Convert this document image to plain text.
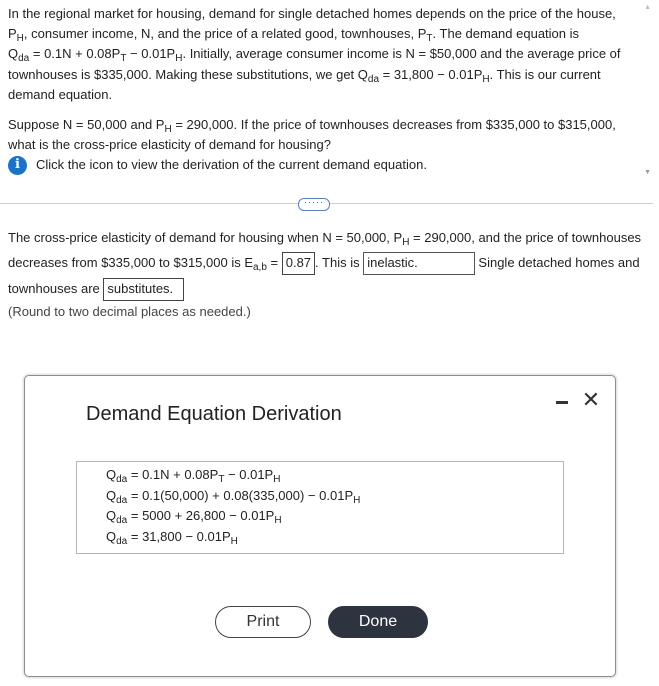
In the regional market for housing, demand for single detached homes depends on the price of the house,
$P_H$, consumer income, N, and the price of a related good, townhouses, $P_T$. The demand equation is
$Q_{da} = 0.1N + 0.08P_T - 0.01P_H$. Initially, average consumer income is N = $50,000 and the average price of
townhouses is $335,000. Making these substitutions, we get $Q_{da} = 31,800 - 0.01P_H$. This is our current
demand equation.

Suppose N = 50,000 and $P_H = 290,000$. If the price of townhouses decreases from $335,000 to $315,000,
what is the cross-price elasticity of demand for housing?

i	Click the icon to view the derivation of the current demand equation.
▲
▼
·····
The cross-price elasticity of demand for housing when N = 50,000, $P_H = 290,000$, and the price of townhouses
decreases from $335,000 to $315,000 is $E_{a,b} = 0.87$ . This is inelastic.	Single detached homes and
townhouses are substitutes.
(Round to two decimal places as needed.)
Demand Equation Derivation
✕
$Q_{da} = 0.1N + 0.08P_T - 0.01P_H$
$Q_{da} = 0.1(50,000) + 0.08(335,000) - 0.01P_H$
$Q_{da} = 5000 + 26,800 - 0.01P_H$
$Q_{da} = 31,800 - 0.01P_H$
Print	Done
